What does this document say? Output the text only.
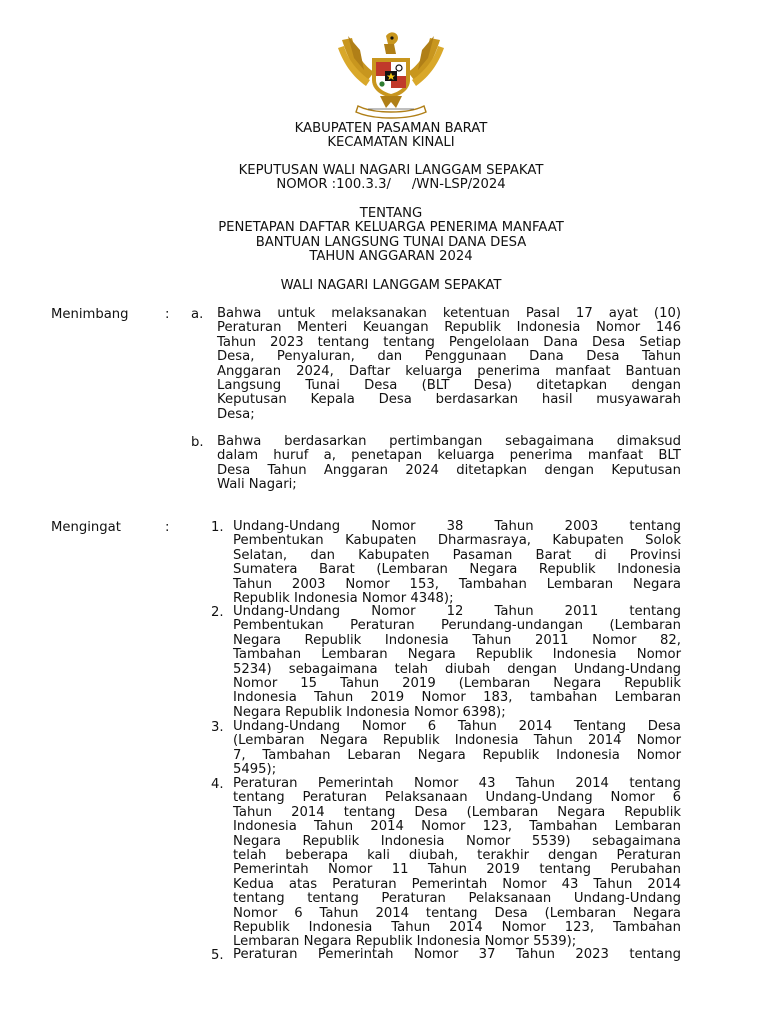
KABUPATEN PASAMAN BARAT
KECAMATAN KINALI
KEPUTUSAN WALI NAGARI LANGGAM SEPAKAT
NOMOR :100.3.3/     /WN-LSP/2024
TENTANG
PENETAPAN DAFTAR KELUARGA PENERIMA MANFAAT
BANTUAN LANGSUNG TUNAI DANA DESA
TAHUN ANGGARAN 2024
WALI NAGARI LANGGAM SEPAKAT
Menimbang	: a. Bahwa untuk melaksanakan ketentuan Pasal 17 ayat (10)
Peraturan Menteri Keuangan Republik Indonesia Nomor 146
Tahun 2023 tentang tentang Pengelolaan Dana Desa Setiap
Desa, Penyaluran, dan Penggunaan Dana Desa Tahun
Anggaran 2024, Daftar keluarga penerima manfaat Bantuan
Langsung Tunai Desa (BLT Desa) ditetapkan dengan
Keputusan Kepala Desa berdasarkan hasil musyawarah
Desa;
b. Bahwa berdasarkan pertimbangan sebagaimana dimaksud
dalam huruf a, penetapan keluarga penerima manfaat BLT
Desa Tahun Anggaran 2024 ditetapkan dengan Keputusan
Wali Nagari;
Mengingat	:	1. Undang-Undang Nomor 38 Tahun 2003 tentang
Pembentukan Kabupaten Dharmasraya, Kabupaten Solok
Selatan, dan Kabupaten Pasaman Barat di Provinsi
Sumatera Barat (Lembaran Negara Republik Indonesia
Tahun 2003 Nomor 153, Tambahan Lembaran Negara
Republik Indonesia Nomor 4348);
2. Undang-Undang Nomor 12 Tahun 2011 tentang
Pembentukan Peraturan Perundang-undangan (Lembaran
Negara Republik Indonesia Tahun 2011 Nomor 82,
Tambahan Lembaran Negara Republik Indonesia Nomor
5234) sebagaimana telah diubah dengan Undang-Undang
Nomor 15 Tahun 2019 (Lembaran Negara Republik
Indonesia Tahun 2019 Nomor 183, tambahan Lembaran
Negara Republik Indonesia Nomor 6398);
3. Undang-Undang Nomor 6 Tahun 2014 Tentang Desa
(Lembaran Negara Republik Indonesia Tahun 2014 Nomor
7, Tambahan Lebaran Negara Republik Indonesia Nomor
5495);
4. Peraturan Pemerintah Nomor 43 Tahun 2014 tentang
tentang Peraturan Pelaksanaan Undang-Undang Nomor 6
Tahun 2014 tentang Desa (Lembaran Negara Republik
Indonesia Tahun 2014 Nomor 123, Tambahan Lembaran
Negara Republik Indonesia Nomor 5539) sebagaimana
telah beberapa kali diubah, terakhir dengan Peraturan
Pemerintah Nomor 11 Tahun 2019 tentang Perubahan
Kedua atas Peraturan Pemerintah Nomor 43 Tahun 2014
tentang tentang Peraturan Pelaksanaan Undang-Undang
Nomor 6 Tahun 2014 tentang Desa (Lembaran Negara
Republik Indonesia Tahun 2014 Nomor 123, Tambahan
Lembaran Negara Republik Indonesia Nomor 5539);
5. Peraturan Pemerintah Nomor 37 Tahun 2023 tentang
